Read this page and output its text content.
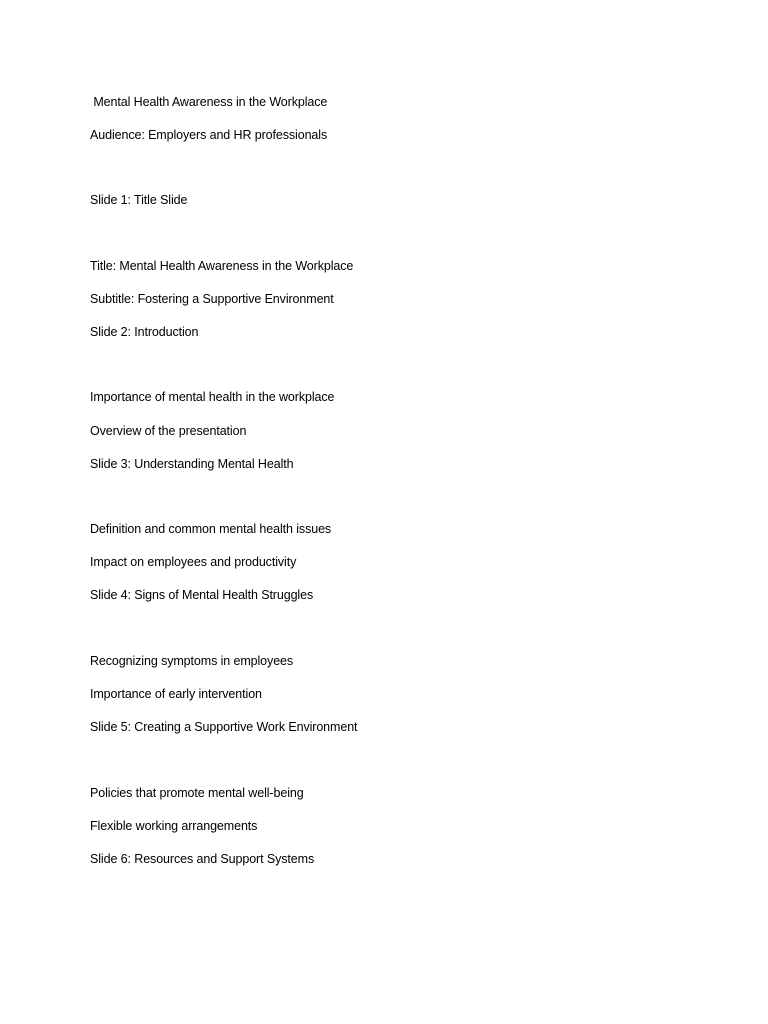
Mental Health Awareness in the Workplace
Audience: Employers and HR professionals
Slide 1: Title Slide
Title: Mental Health Awareness in the Workplace
Subtitle: Fostering a Supportive Environment
Slide 2: Introduction
Importance of mental health in the workplace
Overview of the presentation
Slide 3: Understanding Mental Health
Definition and common mental health issues
Impact on employees and productivity
Slide 4: Signs of Mental Health Struggles
Recognizing symptoms in employees
Importance of early intervention
Slide 5: Creating a Supportive Work Environment
Policies that promote mental well-being
Flexible working arrangements
Slide 6: Resources and Support Systems
